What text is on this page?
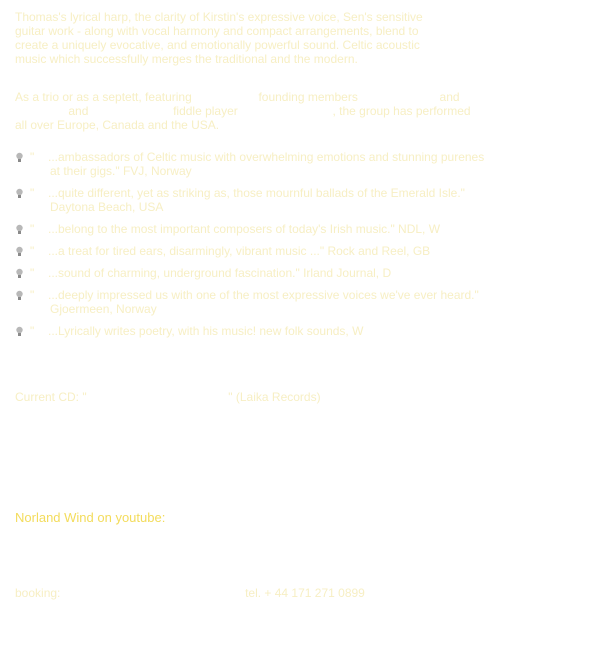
Thomas's lyrical harp, the clarity of Kirstin's expressive voice, Sen's sensitive
guitar work - along with vocal harmony and compact arrangements, blend to
create a uniquely evocative, and emotionally powerful sound. Celtic acoustic
music which successfully merges the traditional and the modern.
As a trio or as a septett, featuring	founding members	and
and	fiddle player	, the group has performed
all over Europe, Canada and the USA.
" ...ambassadors of Celtic music with overwhelming emotions and stunning purenes
at their gigs." FVJ, Norway
" ...quite different, yet as striking as, those mournful ballads of the Emerald Isle."
Daytona Beach, USA
" ...belong to the most important composers of today's Irish music." NDL, W
" ...a treat for tired ears, disarmingly, vibrant music ..." Rock and Reel, GB
" ...sound of charming, underground fascination." Irland Journal, D
" ...deeply impressed us with one of the most expressive voices we've ever heard."
Gjoermeen, Norway
" ...Lyrically writes poetry, with his music! new folk sounds, W
Current CD: "	" (Laika Records)
Norland Wind on youtube:
booking:	tel. + 44 171 271 0899
